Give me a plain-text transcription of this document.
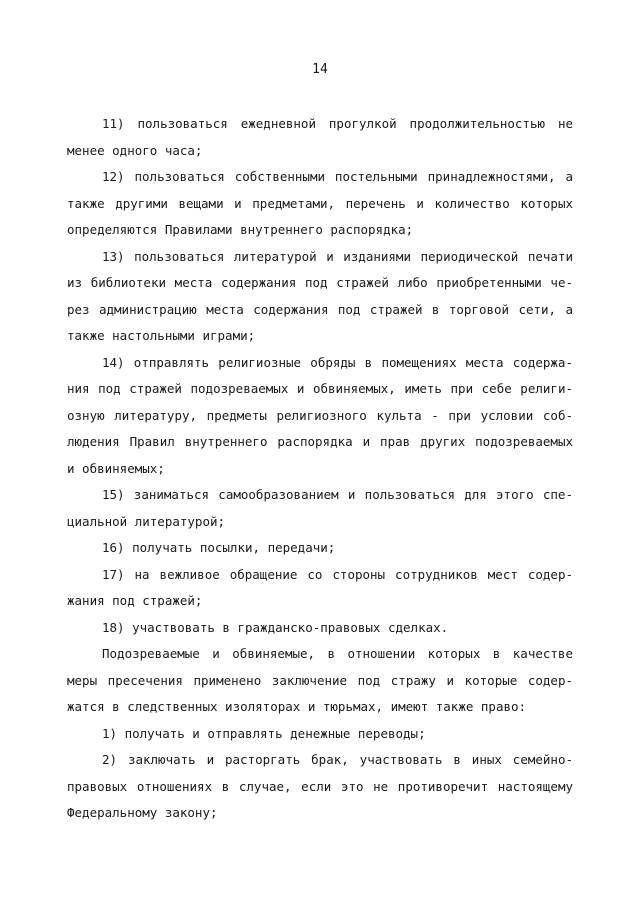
14
11) пользоваться ежедневной прогулкой продолжительностью не
менее одного часа;
12) пользоваться собственными постельными принадлежностями, а
также другими вещами и предметами, перечень и количество которых
определяются Правилами внутреннего распорядка;
13) пользоваться литературой и изданиями периодической печати
из библиотеки места содержания под стражей либо приобретенными че-
рез администрацию места содержания под стражей в торговой сети, а
также настольными играми;
14) отправлять религиозные обряды в помещениях места содержа-
ния под стражей подозреваемых и обвиняемых, иметь при себе религи-
озную литературу, предметы религиозного культа - при условии соб-
людения Правил внутреннего распорядка и прав других подозреваемых
и обвиняемых;
15) заниматься самообразованием и пользоваться для этого спе-
циальной литературой;
16) получать посылки, передачи;
17) на вежливое обращение со стороны сотрудников мест содер-
жания под стражей;
18) участвовать в гражданско-правовых сделках.
Подозреваемые и обвиняемые, в отношении которых в качестве
меры пресечения применено заключение под стражу и которые содер-
жатся в следственных изоляторах и тюрьмах, имеют также право:
1) получать и отправлять денежные переводы;
2) заключать и расторгать брак, участвовать в иных семейно-
правовых отношениях в случае, если это не противоречит настоящему
Федеральному закону;
